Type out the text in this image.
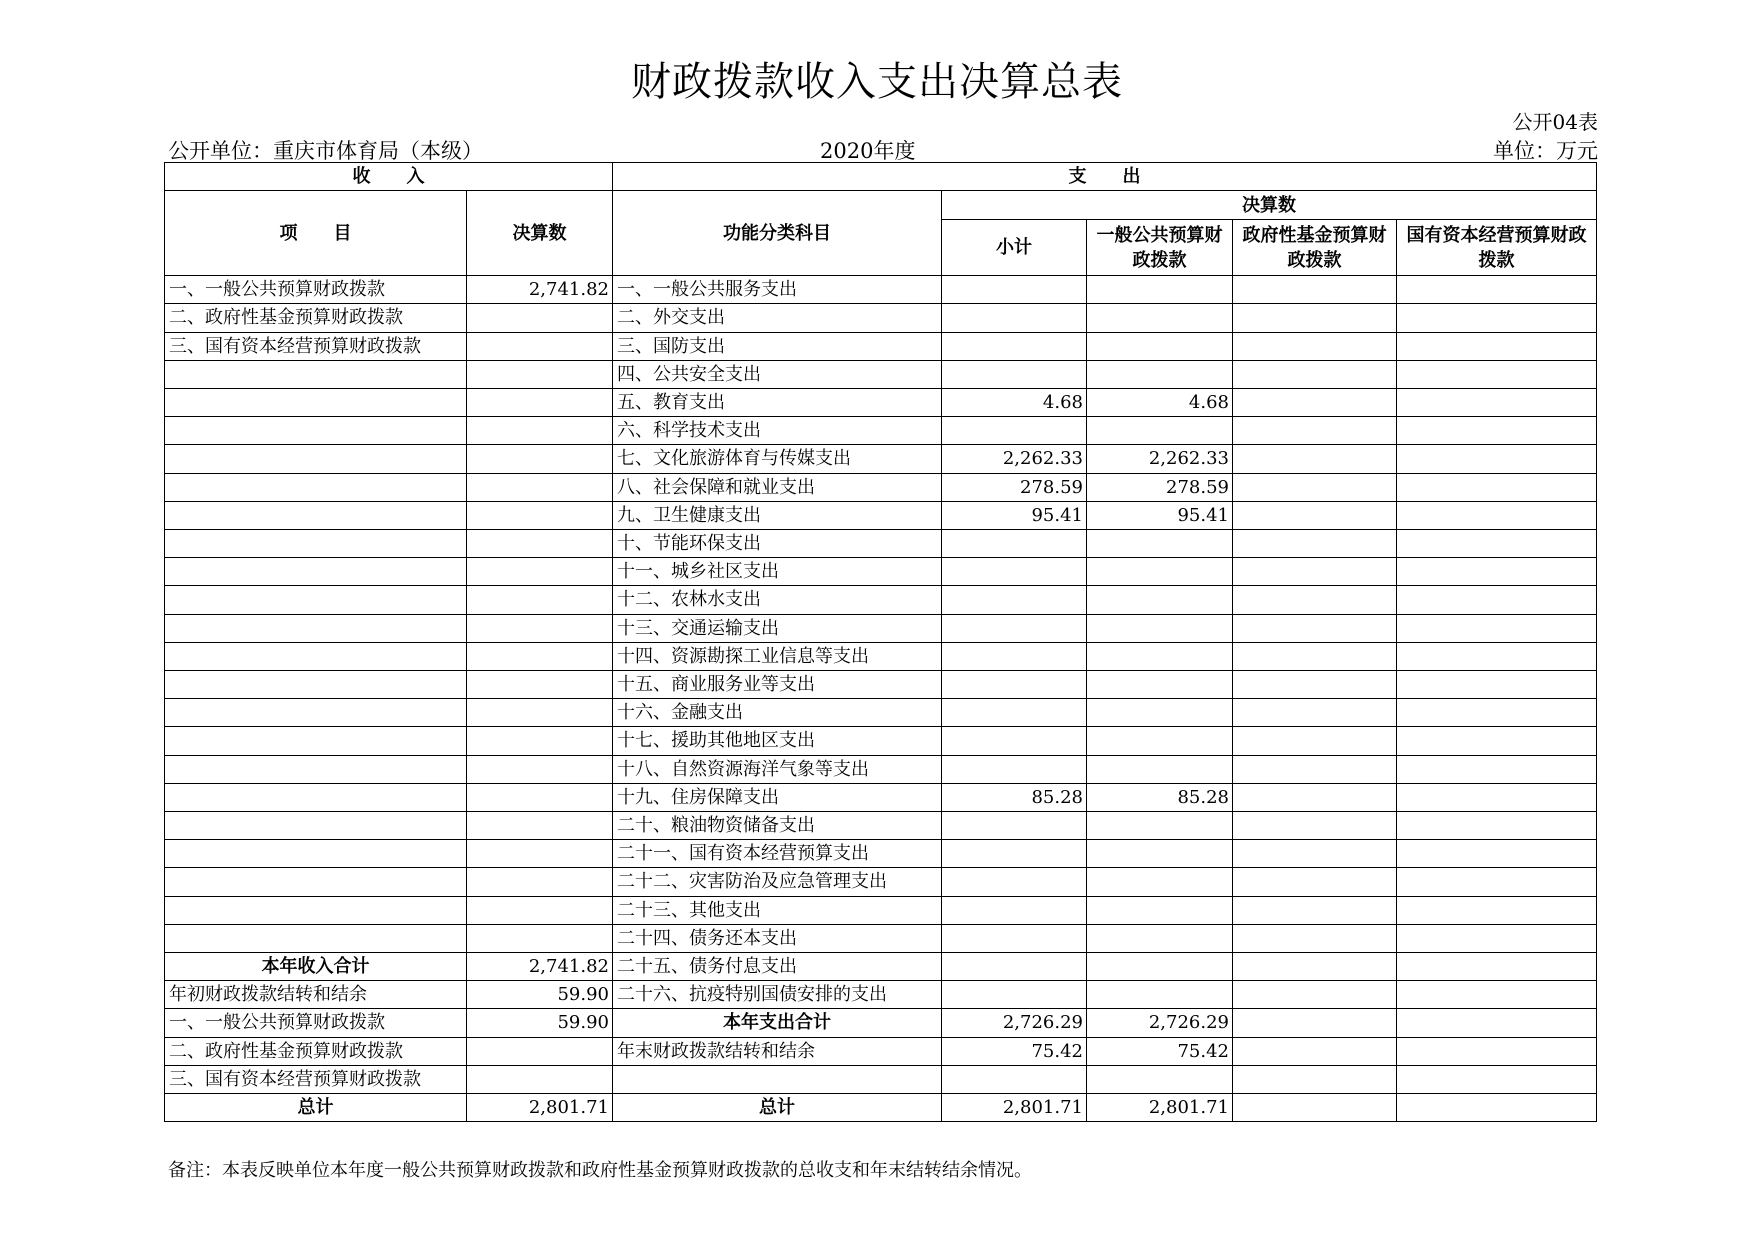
财政拨款收入支出决算总表
公开04表
公开单位：重庆市体育局（本级）	2020年度	单位：万元
收　　入		支　　出				
项　　目	决算数	功能分类科目	决算数			
			小计	一般公共预算财政拨款	政府性基金预算财政拨款	国有资本经营预算财政拨款
一、一般公共预算财政拨款	2,741.82	一、一般公共服务支出				
二、政府性基金预算财政拨款		二、外交支出				
三、国有资本经营预算财政拨款		三、国防支出				
		四、公共安全支出				
		五、教育支出	4.68	4.68		
		六、科学技术支出				
		七、文化旅游体育与传媒支出	2,262.33	2,262.33		
		八、社会保障和就业支出	278.59	278.59		
		九、卫生健康支出	95.41	95.41		
		十、节能环保支出				
		十一、城乡社区支出				
		十二、农林水支出				
		十三、交通运输支出				
		十四、资源勘探工业信息等支出				
		十五、商业服务业等支出				
		十六、金融支出				
		十七、援助其他地区支出				
		十八、自然资源海洋气象等支出				
		十九、住房保障支出	85.28	85.28		
		二十、粮油物资储备支出				
		二十一、国有资本经营预算支出				
		二十二、灾害防治及应急管理支出				
		二十三、其他支出				
		二十四、债务还本支出				
本年收入合计	2,741.82	二十五、债务付息支出				
年初财政拨款结转和结余	59.90	二十六、抗疫特别国债安排的支出				
一、一般公共预算财政拨款	59.90	本年支出合计	2,726.29	2,726.29		
二、政府性基金预算财政拨款		年末财政拨款结转和结余	75.42	75.42		
三、国有资本经营预算财政拨款						
总计	2,801.71	总计	2,801.71	2,801.71		
备注：本表反映单位本年度一般公共预算财政拨款和政府性基金预算财政拨款的总收支和年末结转结余情况。
